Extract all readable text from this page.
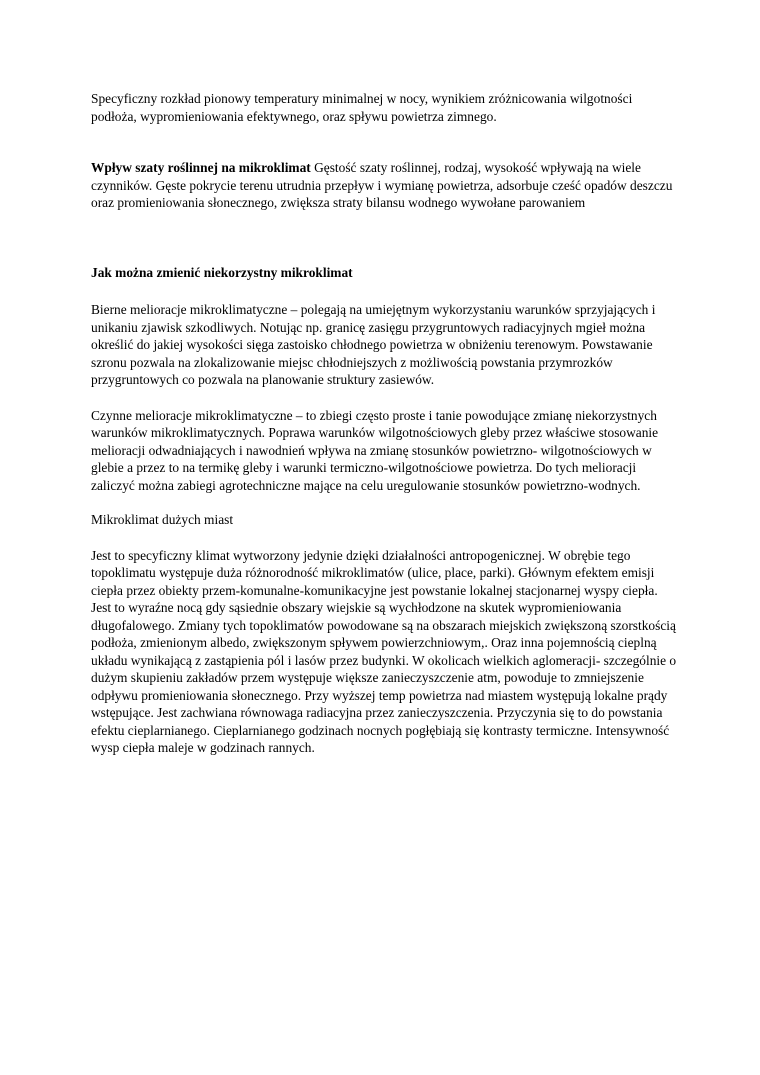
Specyficzny rozkład pionowy temperatury minimalnej w nocy, wynikiem zróżnicowania wilgotności podłoża, wypromieniowania efektywnego, oraz spływu powietrza zimnego.

Wpływ szaty roślinnej na mikroklimat Gęstość szaty roślinnej, rodzaj, wysokość wpływają na wiele czynników. Gęste pokrycie terenu utrudnia przepływ i wymianę powietrza, adsorbuje cześć opadów deszczu oraz promieniowania słonecznego, zwiększa straty bilansu wodnego wywołane parowaniem

Jak można zmienić niekorzystny mikroklimat

Bierne melioracje mikroklimatyczne – polegają na umiejętnym wykorzystaniu warunków sprzyjających i unikaniu zjawisk szkodliwych. Notując np. granicę zasięgu przygruntowych radiacyjnych mgieł można określić do jakiej wysokości sięga zastoisko chłodnego powietrza w obniżeniu terenowym. Powstawanie szronu pozwala na zlokalizowanie miejsc chłodniejszych z możliwością powstania przymrozków przygruntowych co pozwala na planowanie struktury zasiewów.

Czynne melioracje mikroklimatyczne – to zbiegi często proste i tanie powodujące zmianę niekorzystnych warunków mikroklimatycznych. Poprawa warunków wilgotnościowych gleby przez właściwe stosowanie melioracji odwadniających i nawodnień wpływa na zmianę stosunków powietrzno- wilgotnościowych w glebie a przez to na termikę gleby i warunki termiczno-wilgotnościowe powietrza. Do tych melioracji zaliczyć można zabiegi agrotechniczne mające na celu uregulowanie stosunków powietrzno-wodnych.

Mikroklimat dużych miast

Jest to specyficzny klimat wytworzony jedynie dzięki działalności antropogenicznej. W obrębie tego topoklimatu występuje duża różnorodność mikroklimatów (ulice, place, parki). Głównym efektem emisji ciepła przez obiekty przem-komunalne-komunikacyjne jest powstanie lokalnej stacjonarnej wyspy ciepła. Jest to wyraźne nocą gdy sąsiednie obszary wiejskie są wychłodzone na skutek wypromieniowania długofalowego. Zmiany tych topoklimatów powodowane są na obszarach miejskich zwiększoną szorstkością podłoża, zmienionym albedo, zwiększonym spływem powierzchniowym,. Oraz inna pojemnością cieplną układu wynikającą z zastąpienia pól i lasów przez budynki. W okolicach wielkich aglomeracji- szczególnie o dużym skupieniu zakładów przem występuje większe zanieczyszczenie atm, powoduje to zmniejszenie odpływu promieniowania słonecznego. Przy wyższej temp powietrza nad miastem występują lokalne prądy wstępujące. Jest zachwiana równowaga radiacyjna przez zanieczyszczenia. Przyczynia się to do powstania efektu cieplarnianego. Cieplarnianego godzinach nocnych pogłębiają się kontrasty termiczne. Intensywność wysp ciepła maleje w godzinach rannych.
